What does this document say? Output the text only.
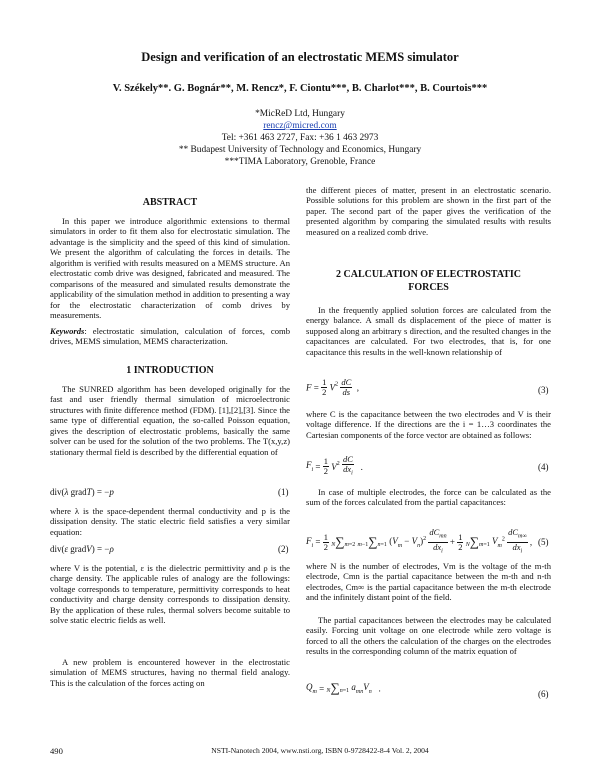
Design and verification of an electrostatic MEMS simulator
V. Székely**. G. Bognár**, M. Rencz*, F. Ciontu***, B. Charlot***, B. Courtois***
*MicReD Ltd, Hungary
rencz@micred.com
Tel: +361 463 2727, Fax: +36 1 463 2973
** Budapest University of Technology and Economics, Hungary
***TIMA Laboratory, Grenoble, France
ABSTRACT

In this paper we introduce algorithmic extensions to thermal simulators in order to fit them also for electrostatic simulation. The advantage is the simplicity and the speed of this kind of simulation. We present the algorithm of calculating the forces in details. The algorithm is verified with results measured on a MEMS structure. An electrostatic comb drive was designed, fabricated and measured. The comparisons of the measured and simulated results demonstrate the applicability of the simulation method in addition to presenting a way for the electrostatic characterization of comb drives by measurements.

Keywords: electrostatic simulation, calculation of forces, comb drives, MEMS simulation, MEMS characterization.

1 INTRODUCTION

The SUNRED algorithm has been developed originally for the fast and user friendly thermal simulation of microelectronic structures with finite difference method (FDM). [1],[2],[3]. Since the same type of differential equation, the so-called Poisson equation, gives the description of electrostatic problems, basically the same solver can be used for the solution of the two problems. The T(x,y,z) stationary thermal field is described by the differential equation of

div(λ gradT) = −p	(1)

where λ is the space-dependent thermal conductivity and p is the dissipation density. The static electric field satisfies a very similar equation:

div(ε gradV) = −ρ	(2)

where V is the potential, ε is the dielectric permittivity and ρ is the charge density. The applicable rules of analogy are the followings: voltage corresponds to temperature, permittivity corresponds to heat conductivity and charge density corresponds to dissipation density. By the application of these rules, thermal solvers become suitable to solve static electric fields as well.

A new problem is encountered however in the electrostatic simulation of MEMS structures, having no thermal field analogy. This is the calculation of the forces acting on

the different pieces of matter, present in an electrostatic scenario. Possible solutions for this problem are shown in the first part of the paper. The second part of the paper gives the verification of the presented algorithm by comparing the simulated results with results measured on a realized comb drive.

2 CALCULATION OF ELECTROSTATIC
FORCES

In the frequently applied solution forces are calculated from the energy balance. A small ds displacement of the piece of matter is supposed along an arbitrary s direction, and the resulted changes in the capacitances are calculated. For two electrodes, that is, for one capacitance this results in the well-known relationship of

$F = \frac{1}{2} V^2 \frac{dC}{ds}$ ,	(3)

where C is the capacitance between the two electrodes and V is their voltage difference. If the directions are the i = 1…3 coordinates the Cartesian components of the force vector are obtained as follows:

$F_i = \frac{1}{2} V^2 \frac{dC}{dx_i}$ .	(4)

In case of multiple electrodes, the force can be calculated as the sum of the forces calculated from the partial capacitances:

$F_i = \frac{1}{2} N\sum m=2$ m−1∑n=1 $(V_m - V_n)^2 \frac{dC_{mn}}{dx_i} + \frac{1}{2} N\sum m=1$ $V_m^2 \frac{dC_{m\infty}}{dx_i}$ , (5)

where N is the number of electrodes, Vm is the voltage of the m-th electrode, Cmn is the partial capacitance between the m-th and n-th electrodes, Cm∞ is the partial capacitance between the m-th electrode and the infinitely distant point of the field.

The partial capacitances between the electrodes may be calculated easily. Forcing unit voltage on one electrode while zero voltage is forced to all the others the calculation of the charges on the electrodes results in the corresponding column of the matrix equation of

$Q_m = N\sum n=1$ $a_{mn}V_n$   .
(6)
490	NSTI-Nanotech 2004, www.nsti.org, ISBN 0-9728422-8-4 Vol. 2, 2004
